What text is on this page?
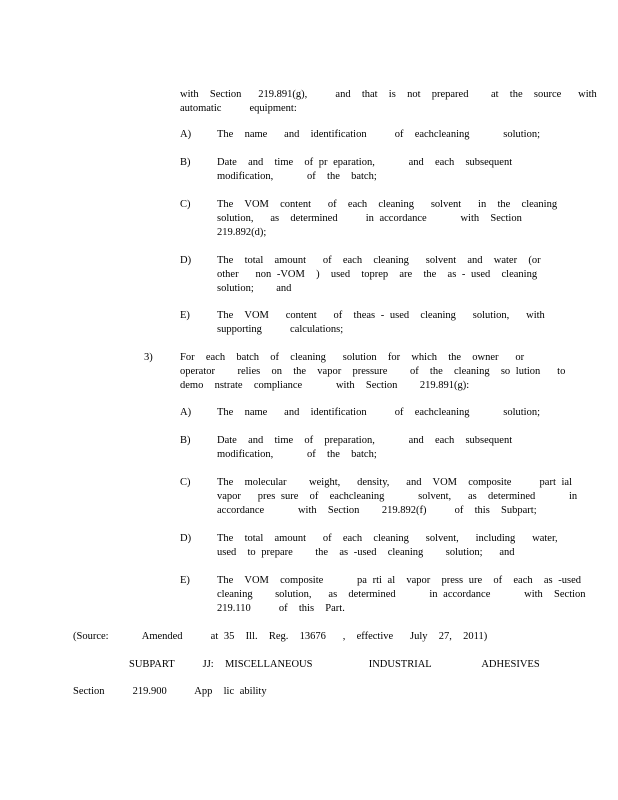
with  Section   219.891(g),     and  that  is  not  prepared    at  the  source   with
automatic     equipment:
A) The  name   and  identification     of  eachcleaning      solution;
B)	Date  and  time  of pr eparation,      and  each  subsequent
modification,      of  the  batch;
C)	The  VOM  content   of  each  cleaning   solvent   in  the  cleaning
solution,   as  determined     in accordance      with  Section
219.892(d);
D) The  total  amount   of  each  cleaning   solvent  and  water  (or
other   non -VOM  )  used  toprep  are  the  as - used  cleaning
solution;    and
E)	The  VOM   content   of  theas - used  cleaning   solution,   with
supporting     calculations;
3)	For  each  batch  of  cleaning   solution  for  which  the  owner   or
operator    relies  on  the  vapor  pressure    of  the  cleaning  so lution   to
demo  nstrate  compliance      with  Section    219.891(g):
A) The  name   and  identification     of  eachcleaning      solution;
B)	Date  and  time  of  preparation,      and  each  subsequent
modification,      of  the  batch;
C)	The  molecular    weight,   density,   and  VOM  composite     part ial
vapor   pres sure  of  eachcleaning      solvent,   as  determined      in
accordance      with  Section    219.892(f)     of  this  Subpart;
D) The  total  amount   of  each  cleaning   solvent,   including   water,
used  to prepare    the  as -used  cleaning    solution;   and
E)	The  VOM  composite      pa rti al  vapor  press ure  of  each  as -used
cleaning    solution,   as  determined      in accordance      with  Section
219.110     of  this  Part.
(Source:      Amended     at 35  Ill.  Reg.  13676   ,  effective   July  27,  2011)
SUBPART     JJ:  MISCELLANEOUS          INDUSTRIAL         ADHESIVES
Section     219.900     App  lic ability
